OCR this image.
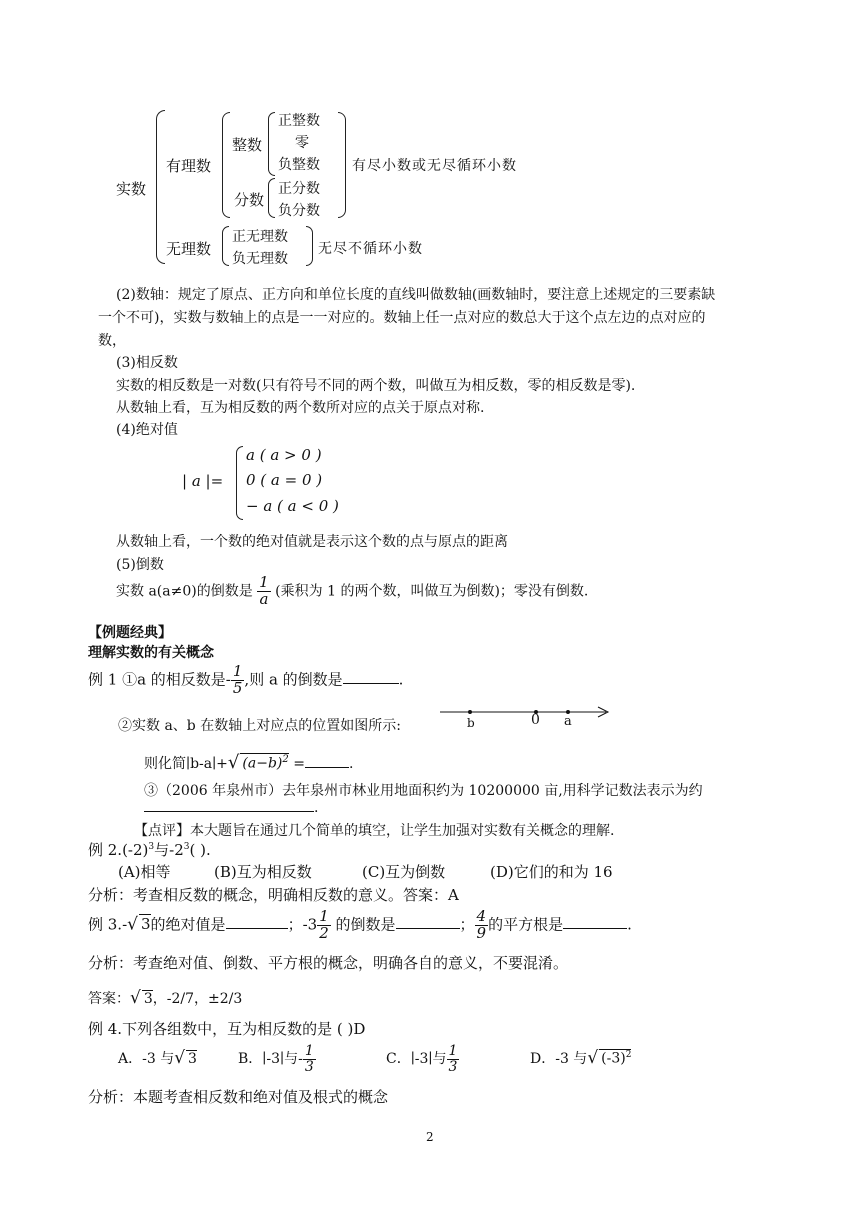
实数
有理数
整数
正整数
零
负整数
分数
正分数
负分数
有尽小数或无尽循环小数
无理数
正无理数
负无理数
无尽不循环小数
(2)数轴：规定了原点、正方向和单位长度的直线叫做数轴(画数轴时，要注意上述规定的三要素缺
一个不可)，实数与数轴上的点是一一对应的。数轴上任一点对应的数总大于这个点左边的点对应的
数，
(3)相反数
实数的相反数是一对数(只有符号不同的两个数，叫做互为相反数，零的相反数是零).
从数轴上看，互为相反数的两个数所对应的点关于原点对称.
(4)绝对值
| a |=
a ( a > 0 )
0 ( a = 0 )
− a ( a < 0 )
从数轴上看，一个数的绝对值就是表示这个数的点与原点的距离
(5)倒数
实数 a(a≠0)的倒数是 $\frac{1}{a}$ (乘积为 1 的两个数，叫做互为倒数)；零没有倒数.
【例题经典】
理解实数的有关概念
例 1 ①a 的相反数是- $\frac{1}{5}$ ,则 a 的倒数是	.
②实数 a、b 在数轴上对应点的位置如图所示:	b	0 a
则化简∣b-a∣+√ $(a-b)^2$ =	.
③（2006 年泉州市）去年泉州市林业用地面积约为 10200000 亩,用科学记数法表示为约
.
【点评】本大题旨在通过几个简单的填空，让学生加强对实数有关概念的理解.
例 $2.(-2)^3$与$-2^3$( ).
(A)相等	(B)互为相反数	(C)互为倒数	(D)它们的和为 16
分析：考查相反数的概念，明确相反数的意义。答案：A
例 3.-√ 3的绝对值是	；$-3 \frac{1}{2}$ 的倒数是	； $\frac{4}{9}$ 的平方根是	.
分析：考查绝对值、倒数、平方根的概念，明确各自的意义，不要混淆。
答案：√ 3，-2/7，±2/3
例 4.下列各组数中，互为相反数的是 ( )D
A．-3 与√ 3	B．∣-3∣与- $\frac{1}{3}$	C．∣-3∣与 $\frac{1}{3}$	D．-3 与√ $(-3)^2$
分析：本题考查相反数和绝对值及根式的概念
2
